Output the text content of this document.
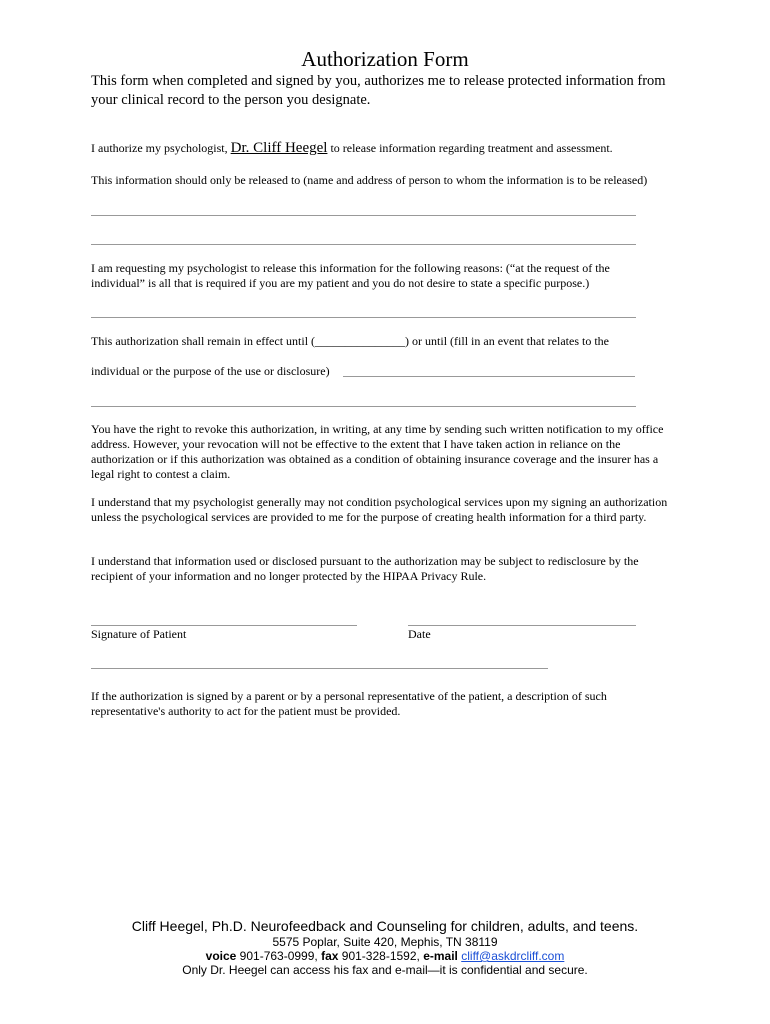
Authorization Form
This form when completed and signed by you, authorizes me to release protected information from your clinical record to the person you designate.
I authorize my psychologist, Dr. Cliff Heegel to release information regarding treatment and assessment.
This information should only be released to (name and address of person to whom the information is to be released)
I am requesting my psychologist to release this information for the following reasons: (“at the request of the individual” is all that is required if you are my patient and you do not desire to state a specific purpose.)
This authorization shall remain in effect until (_______________) or until (fill in an event that relates to the
individual or the purpose of the use or disclosure)
You have the right to revoke this authorization, in writing, at any time by sending such written notification to my office address. However, your revocation will not be effective to the extent that I have taken action in reliance on the authorization or if this authorization was obtained as a condition of obtaining insurance coverage and the insurer has a legal right to contest a claim.
I understand that my psychologist generally may not condition psychological services upon my signing an authorization unless the psychological services are provided to me for the purpose of creating health information for a third party.
I understand that information used or disclosed pursuant to the authorization may be subject to redisclosure by the recipient of your information and no longer protected by the HIPAA Privacy Rule.
Signature of Patient	Date
If the authorization is signed by a parent or by a personal representative of the patient, a description of such representative's authority to act for the patient must be provided.
Cliff Heegel, Ph.D. Neurofeedback and Counseling for children, adults, and teens.
5575 Poplar, Suite 420, Mephis, TN 38119
voice 901-763-0999, fax 901-328-1592, e-mail cliff@askdrcliff.com
Only Dr. Heegel can access his fax and e-mail—it is confidential and secure.
